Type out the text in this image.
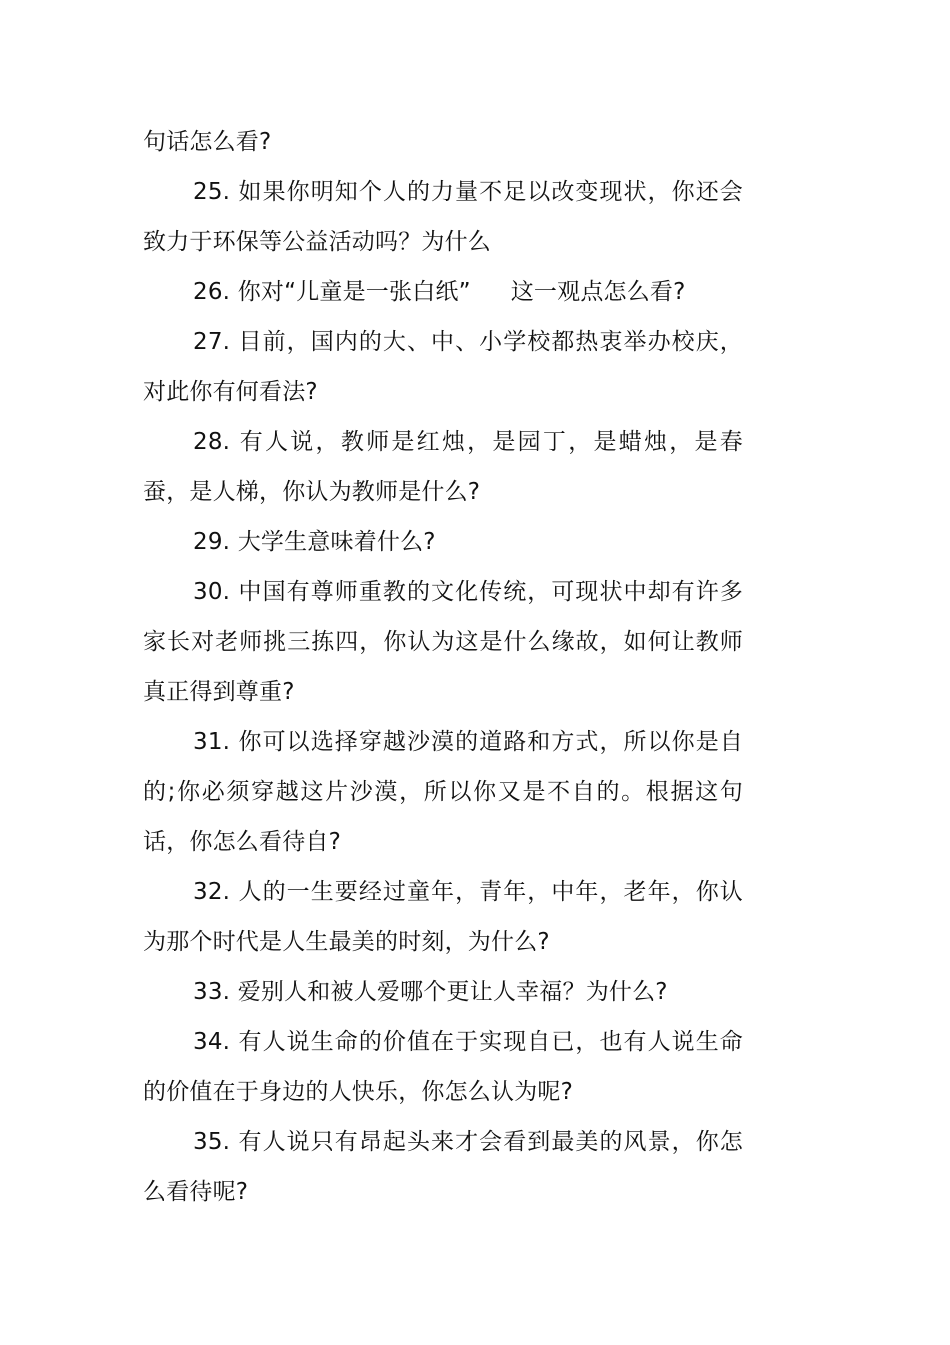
句话怎么看?

25. 如果你明知个人的力量不足以改变现状，你还会致力于环保等公益活动吗？为什么

26. 你对“儿童是一张白纸” 这一观点怎么看?

27. 目前，国内的大、中、小学校都热衷举办校庆，对此你有何看法?

28. 有人说，教师是红烛，是园丁，是蜡烛，是春蚕，是人梯，你认为教师是什么?

29. 大学生意味着什么?

30. 中国有尊师重教的文化传统，可现状中却有许多家长对老师挑三拣四，你认为这是什么缘故，如何让教师真正得到尊重?

31. 你可以选择穿越沙漠的道路和方式，所以你是自的;你必须穿越这片沙漠，所以你又是不自的。根据这句话，你怎么看待自?

32. 人的一生要经过童年，青年，中年，老年，你认为那个时代是人生最美的时刻，为什么?

33. 爱别人和被人爱哪个更让人幸福？为什么?

34. 有人说生命的价值在于实现自已，也有人说生命的价值在于身边的人快乐，你怎么认为呢?

35. 有人说只有昂起头来才会看到最美的风景，你怎么看待呢?
